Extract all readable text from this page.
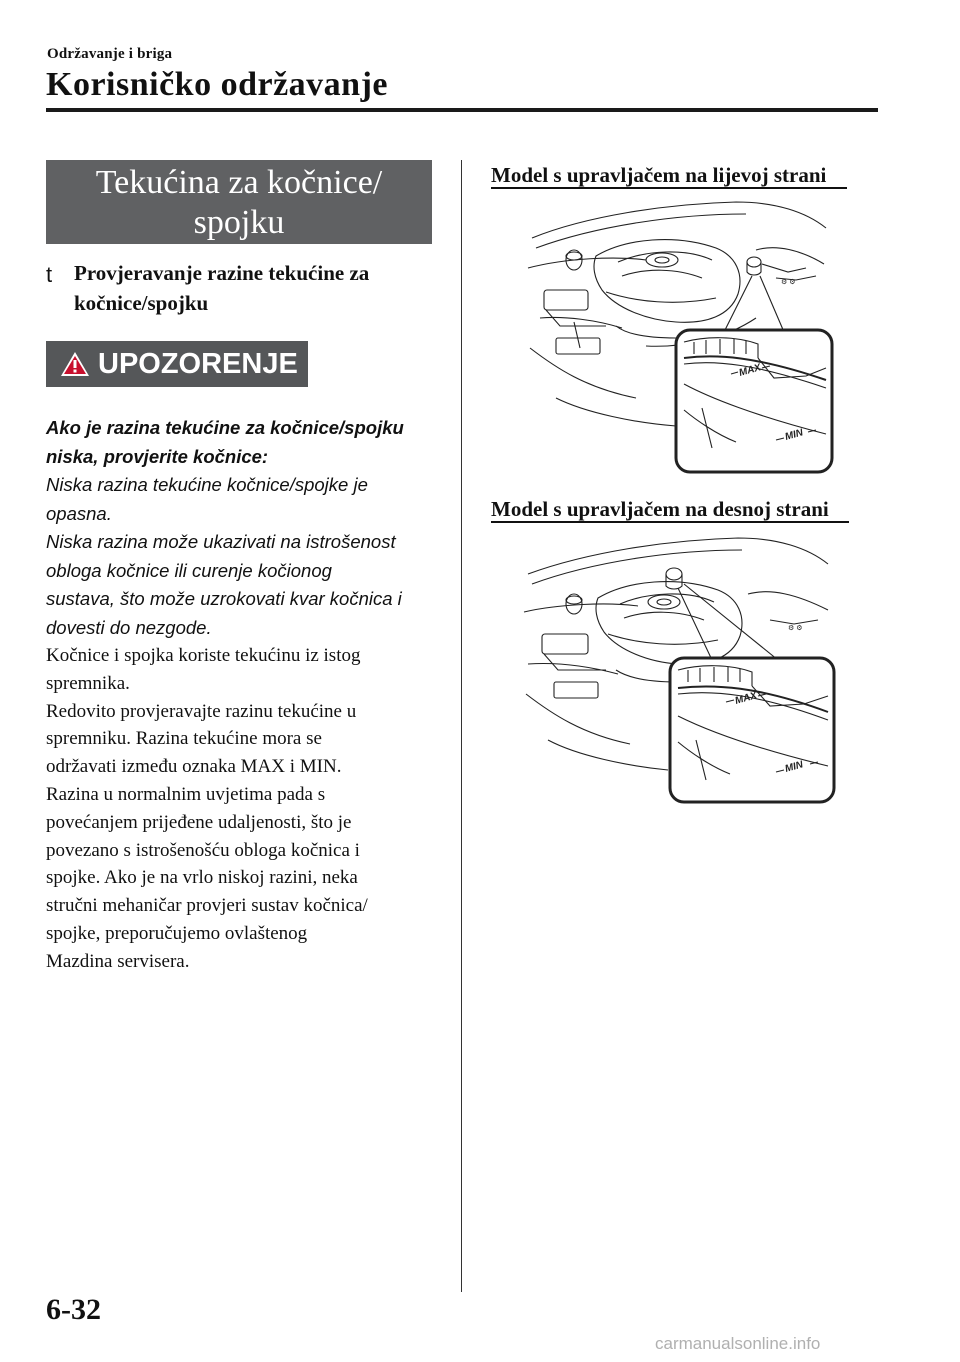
Održavanje i briga
Korisničko održavanje
Tekućina za kočnice/
spojku
t Provjeravanje razine tekućine za
kočnice/spojku
UPOZORENJE

Ako je razina tekućine za kočnice/spojku

niska, provjerite kočnice:

Niska razina tekućine kočnice/spojke je

opasna.

Niska razina može ukazivati na istrošenost

obloga kočnice ili curenje kočionog

sustava, što može uzrokovati kvar kočnica i

dovesti do nezgode.

Kočnice i spojka koriste tekućinu iz istog

spremnika.

Redovito provjeravajte razinu tekućine u

spremniku. Razina tekućine mora se

održavati između oznaka MAX i MIN.

Razina u normalnim uvjetima pada s

povećanjem prijeđene udaljenosti, što je

povezano s istrošenošću obloga kočnica i

spojke. Ako je na vrlo niskoj razini, neka

stručni mehaničar provjeri sustav kočnica/

spojke, preporučujemo ovlaštenog

Mazdina servisera.

Model s upravljačem na lijevoj strani
⚙ ⚙
MAX
MIN
Model s upravljačem na desnoj strani
⚙ ⚙
MAX
MIN
6-32
carmanualsonline.info
